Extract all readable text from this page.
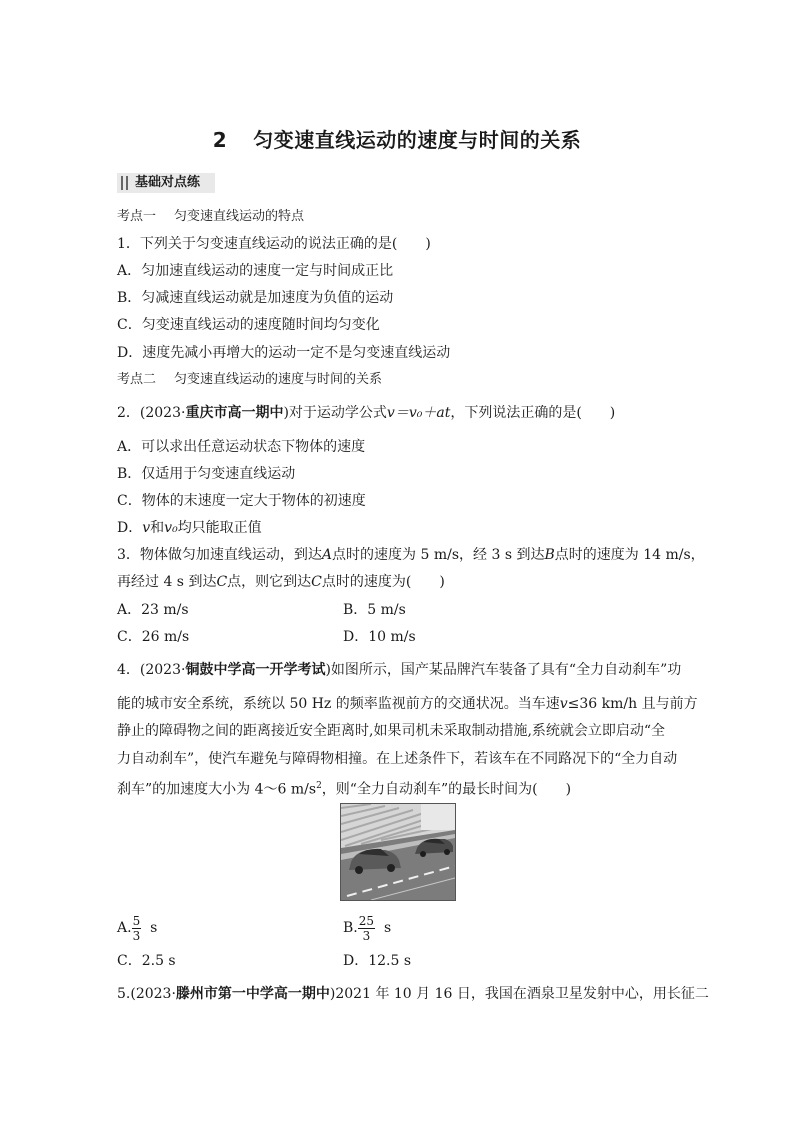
2 匀变速直线运动的速度与时间的关系
基础对点练
考点一 匀变速直线运动的特点
1．下列关于匀变速直线运动的说法正确的是(　　)
A．匀加速直线运动的速度一定与时间成正比
B．匀减速直线运动就是加速度为负值的运动
C．匀变速直线运动的速度随时间均匀变化
D．速度先减小再增大的运动一定不是匀变速直线运动
考点二 匀变速直线运动的速度与时间的关系
2．(2023·重庆市高一期中)对于运动学公式v＝v₀＋at，下列说法正确的是(　　)
A．可以求出任意运动状态下物体的速度
B．仅适用于匀变速直线运动
C．物体的末速度一定大于物体的初速度
D．v和v₀均只能取正值
3．物体做匀加速直线运动，到达A点时的速度为 5 m/s，经 3 s 到达B点时的速度为 14 m/s，
再经过 4 s 到达C点，则它到达C点时的速度为(　　)
A．23 m/s	B．5 m/s
C．26 m/s	D．10 m/s
4．(2023·铜鼓中学高一开学考试)如图所示，国产某品牌汽车装备了具有“全力自动刹车”功
能的城市安全系统，系统以 50 Hz 的频率监视前方的交通状况。当车速v≤36 km/h 且与前方
静止的障碍物之间的距离接近安全距离时,如果司机未采取制动措施,系统就会立即启动“全
力自动刹车”，使汽车避免与障碍物相撞。在上述条件下，若该车在不同路况下的“全力自动
刹车”的加速度大小为 4～6 $m/s^2$，则“全力自动刹车”的最长时间为(　　)
A. $\frac{5}{3}$ s	B. $\frac{25}{3}$ s
C．2.5 s	D．12.5 s
5.(2023·滕州市第一中学高一期中)2021 年 10 月 16 日，我国在酒泉卫星发射中心，用长征二
